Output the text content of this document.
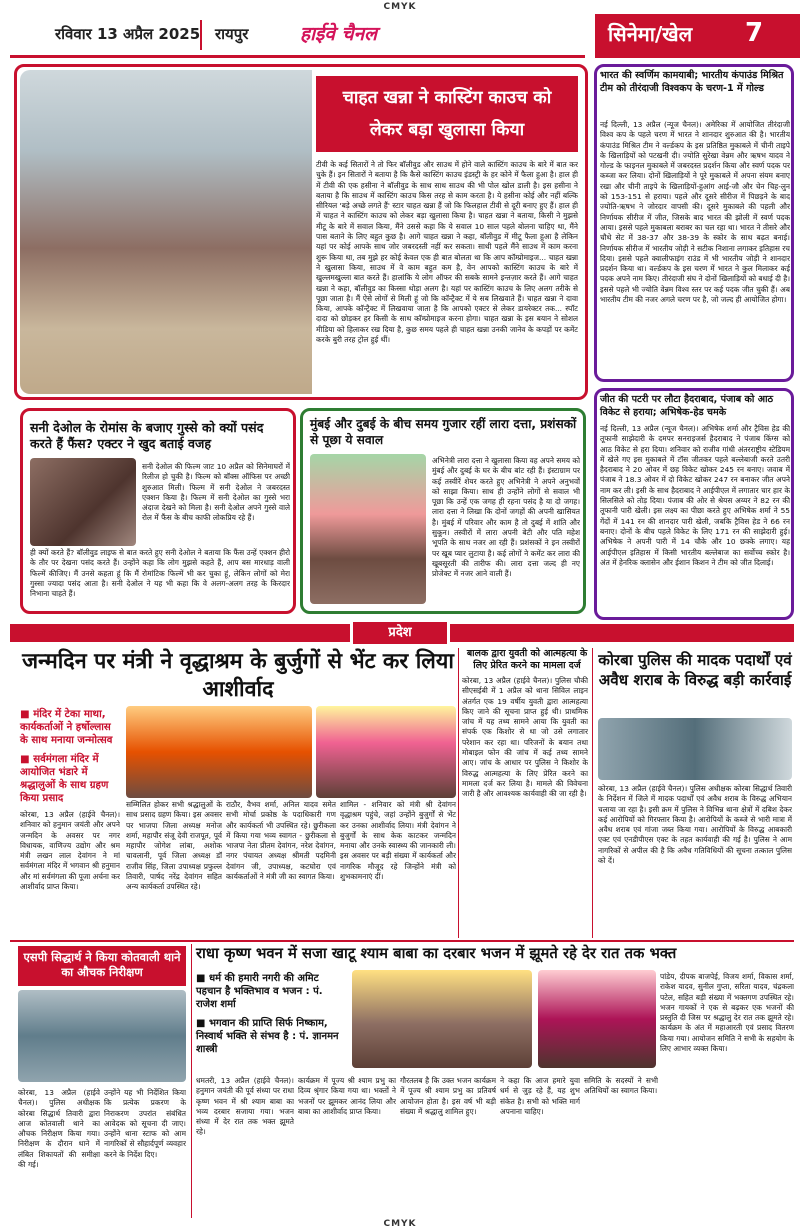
CMYK
रविवार 13 अप्रैल 2025 रायपुर	हाईवे चैनल	सिनेमा/खेल 7
चाहत खन्ना ने कास्टिंग काउच को लेकर बड़ा खुलासा किया
टीवी के कई सितारों ने तो फिर बॉलीवुड और साउथ में होने वाले कास्टिंग काउच के बारे में बात कर चुके हैं। इन सितारों ने बताया है कि कैसे कास्टिंग काउच इंडस्ट्री के हर कोने में फैला हुआ है। हाल ही में टीवी की एक हसीना ने बॉलीवुड के साथ साथ साउथ की भी पोल खोल डाली है। इस हसीना ने बताया है कि साउथ में कास्टिंग काउच किस तरह से काम करता है। ये हसीना कोई और नहीं बल्कि सीरियल 'बड़े अच्छे लगते हैं' स्टार चाहत खन्ना हैं जो कि फिलहाल टीवी से दूरी बनाए हुए हैं। हाल ही में चाहत ने कास्टिंग काउच को लेकर बड़ा खुलासा किया है। चाहत खन्ना ने बताया, किसी ने मुझसे मीटू के बारे में सवाल किया, मैंने उससे कहा कि ये सवाल 10 साल पहले बोलना चाहिए था, मैंने पास बताने के लिए बहुत कुछ है। आगे चाहत खन्ना ने कहा, बॉलीवुड में मीटू फैला हुआ है लेकिन यहां पर कोई आपके साथ जोर जबरदस्ती नहीं कर सकता। साथी पहले मैंने साउथ में काम करना शुरू किया था, तब मुझे हर कोई केवल एक ही बात बोलता था कि आप कॉम्प्रोमाइज... चाहत खन्ना ने खुलासा किया, साउथ में वे काम बहुत कम है, वेन आपको कास्टिंग काउच के बारे में खुल्लमखुल्ला बात करते हैं। हालांकि ये लोग ऑफर की सबके सामने इन्तज़ार करते हैं। आगे चाहत खन्ना ने कहा, बॉलीवुड का किस्सा थोड़ा अलग है। यहां पर कास्टिंग काउच के लिए अलग तरीके से पूछा जाता है। मैं ऐसे लोगों से मिली हूं जो कि कॉन्ट्रैक्ट में ये सब लिखवाते हैं। चाहत खन्ना ने दावा किया, आपके कॉन्ट्रैक्ट में लिखवाया जाता है कि आपको एक्टर से लेकर डायरेक्टर तक... स्पॉट दादा को छोड़कर हर किसी के साथ कॉम्प्रोमाइज करना होगा। चाहत खन्ना के इस बयान ने सोशल मीडिया को हिलाकर रख दिया है, कुछ समय पहले ही चाहत खन्ना उनकी जानेव के कपड़ों पर कमेंट करके बुरी तरह ट्रोल हुई थीं।
भारत की स्वर्णिम कामयाबी; भारतीय कंपाउंड मिश्रित टीम को तीरंदाजी विश्वकप के चरण-1 में गोल्ड
नई दिल्ली, 13 अप्रैल (न्यूज चैनल)। अमेरिका में आयोजित तीरंदाजी विश्व कप के पहले चरण में भारत ने शानदार शुरुआत की है। भारतीय कंपाउंड मिश्रित टीम ने वर्ल्डकप के इस प्रतिष्ठित मुकाबले में चीनी ताइपे के खिलाड़ियों को पटखनी दी। ज्योति सुरेखा वेन्नम और ऋषभ यादव ने गोल्ड के फाइनल मुकाबले में जबरदस्त प्रदर्शन किया और स्वर्ण पदक पर कब्जा कर लिया। दोनों खिलाड़ियों ने पूरे मुकाबले में अपना संयम बनाए रखा और चीनी ताइपे के खिलाड़ियों-हुआंग आई-जौ और चेन चिह-लुन को 153-151 से हराया। पहले और दूसरे सीरीज में पिछड़ने के बाद ज्योति-ऋषभ ने जोरदार वापसी की। दूसरे मुकाबले की पहली और निर्णायक सीरीज में जीत, जिसके बाद भारत की झोली में स्वर्ण पदक आया। इससे पहले मुकाबला बराबर का चल रहा था। भारत ने तीसरे और चौथे सेट में 38-37 और 38-39 के स्कोर के साथ बढ़त बनाई। निर्णायक सीरीज में भारतीय जोड़ी ने सटीक निशाना लगाकर इतिहास रच दिया। इससे पहले क्वालीफाइंग राउंड में भी भारतीय जोड़ी ने शानदार प्रदर्शन किया था। वर्ल्डकप के इस चरण में भारत ने कुल मिलाकर कई पदक अपने नाम किए। तीरंदाजी संघ ने दोनों खिलाड़ियों को बधाई दी है। इससे पहले भी ज्योति वेन्नम विश्व स्तर पर कई पदक जीत चुकी हैं। अब भारतीय टीम की नजर अगले चरण पर है, जो जल्द ही आयोजित होगा।
जीत की पटरी पर लौटा हैदराबाद, पंजाब को आठ विकेट से हराया; अभिषेक-हेड चमके
नई दिल्ली, 13 अप्रैल (न्यूज चैनल)। अभिषेक शर्मा और ट्रैविस हेड की तूफानी साझेदारी के दमपर सनराइजर्स हैदराबाद ने पंजाब किंग्स को आठ विकेट से हरा दिया। शनिवार को राजीव गांधी अंतरराष्ट्रीय स्टेडियम में खेले गए इस मुकाबले में टॉस जीतकर पहले बल्लेबाजी करते उतरी हैदराबाद ने 20 ओवर में छह विकेट खोकर 245 रन बनाए। जवाब में पंजाब ने 18.3 ओवर में दो विकेट खोकर 247 रन बनाकर जीत अपने नाम कर ली। इसी के साथ हैदराबाद ने आईपीएल में लगातार चार हार के सिलसिले को तोड़ दिया। पंजाब की ओर से श्रेयस अय्यर ने 82 रन की तूफानी पारी खेली। इस लक्ष्य का पीछा करते हुए अभिषेक शर्मा ने 55 गेंदों में 141 रन की शानदार पारी खेली, जबकि ट्रैविस हेड ने 66 रन बनाए। दोनों के बीच पहले विकेट के लिए 171 रन की साझेदारी हुई। अभिषेक ने अपनी पारी में 14 चौके और 10 छक्के लगाए। यह आईपीएल इतिहास में किसी भारतीय बल्लेबाज का सर्वोच्च स्कोर है। अंत में हेनरिक क्लासेन और ईशान किशन ने टीम को जीत दिलाई।
सनी देओल के रोमांस के बजाए गुस्से को क्यों पसंद करते हैं फैंस? एक्टर ने खुद बताई वजह
सनी देओल की फिल्म जाट 10 अप्रैल को सिनेमाघरों में रिलीज हो चुकी है। फिल्म को बॉक्स ऑफिस पर अच्छी शुरुआत मिली। फिल्म में सनी देओल ने जबरदस्त एक्शन किया है। फिल्म में सनी देओल का गुस्से भरा अंदाज देखने को मिला है। सनी देओल अपने गुस्से वाले रोल में फैंस के बीच काफी लोकप्रिय रहे हैं।
ही क्यों करते हैं? बॉलीवुड लाइफ से बात करते हुए सनी देओल ने बताया कि फैंस उन्हें एक्शन हीरो के तौर पर देखना पसंद करते हैं। उन्होंने कहा कि लोग मुझसे कहते हैं, आप बस मारधाड़ वाली फिल्में कीजिए। मैं उनसे कहता हूं कि मैं रोमांटिक फिल्में भी कर चुका हूं, लेकिन लोगों को मेरा गुस्सा ज्यादा पसंद आता है। सनी देओल ने यह भी कहा कि वे अलग-अलग तरह के किरदार निभाना चाहते हैं।
मुंबई और दुबई के बीच समय गुजार रहीं लारा दत्ता, प्रशंसकों से पूछा ये सवाल
अभिनेत्री लारा दत्ता ने खुलासा किया वह अपने समय को मुंबई और दुबई के घर के बीच बांट रही हैं। इंस्टाग्राम पर कई तस्वीरें शेयर करते हुए अभिनेत्री ने अपने अनुभवों को साझा किया। साथ ही उन्होंने लोगों से सवाल भी पूछा कि उन्हें एक जगह ही रहना पसंद है या दो जगह। लारा दत्ता ने लिखा कि दोनों जगहों की अपनी खासियत है। मुंबई में परिवार और काम है तो दुबई में शांति और सुकून। तस्वीरों में लारा अपनी बेटी और पति महेश भूपति के साथ नजर आ रही हैं। प्रशंसकों ने इन तस्वीरों पर खूब प्यार लुटाया है। कई लोगों ने कमेंट कर लारा की खूबसूरती की तारीफ की। लारा दत्ता जल्द ही नए प्रोजेक्ट में नजर आने वाली हैं।
प्रदेश
जन्मदिन पर मंत्री ने वृद्धाश्रम के बुर्जुगों से भेंट कर लिया आशीर्वाद
■ मंदिर में टेका माथा, कार्यकर्ताओं ने हर्षोल्लास के साथ मनाया जन्मोत्सव
■ सर्वमंगला मंदिर में आयोजित भंडारे में श्रद्धालुओं के साथ ग्रहण किया प्रसाद
कोरबा, 13 अप्रैल (हाईवे चैनल)। शनिवार को हनुमान जयंती और अपने जन्मदिन के अवसर पर नगर विधायक, वाणिज्य उद्योग और श्रम मंत्री लखन लाल देवांगन ने मां सर्वमंगला मंदिर में भगवान श्री हनुमान और मां सर्वमंगला की पूजा अर्चना कर आशीर्वाद प्राप्त किया।
सम्मिलित होकर सभी श्रद्धालुओं के साथ प्रसाद ग्रहण किया। इस अवसर पर भाजपा जिला अध्यक्ष मनोज शर्मा, महापौर संजू देवी राजपूत, पूर्व महापौर जोगेश लांबा, अशोक चावलानी, पूर्व जिला अध्यक्ष डॉ राजीव सिंह, जिला उपाध्यक्ष प्रफुल्ल तिवारी, पार्षद नरेंद्र देवांगन सहित अन्य कार्यकर्ता उपस्थित रहे।
राठौर, वैभव शर्मा, अनिल यादव समेत सभी मोर्चा प्रकोष्ठ के पदाधिकारी गण और कार्यकर्ता भी उपस्थित रहे। छुरीकला में किया गया भव्य स्वागत - छुरीकला से भाजपा नेता प्रीतम देवांगन, नरेश देवांगन, नगर पंचायत अध्यक्ष श्रीमती पदमिनी देवांगन जी, उपाध्यक्ष, कटघोरा एवं कार्यकर्ताओं ने मंत्री जी का स्वागत किया।
शामिल - शनिवार को मंत्री श्री देवांगन वृद्धाश्रम पहुंचे, जहां उन्होंने बुजुर्गों से भेंट कर उनका आशीर्वाद लिया। मंत्री देवांगन ने बुजुर्गों के साथ केक काटकर जन्मदिन मनाया और उनके स्वास्थ्य की जानकारी ली। इस अवसर पर बड़ी संख्या में कार्यकर्ता और नागरिक मौजूद रहे जिन्होंने मंत्री को शुभकामनाएं दीं।
बालक द्वारा युवती को आत्महत्या के लिए प्रेरित करने का मामला दर्ज
कोरबा, 13 अप्रैल (हाईवे चैनल)। पुलिस चौकी सीएसईबी में 1 अप्रैल को थाना सिविल लाइन अंतर्गत एक 19 वर्षीय युवती द्वारा आत्महत्या किए जाने की सूचना प्राप्त हुई थी। प्राथमिक जांच में यह तथ्य सामने आया कि युवती का संपर्क एक किशोर से था जो उसे लगातार परेशान कर रहा था। परिजनों के बयान तथा मोबाइल फोन की जांच में कई तथ्य सामने आए। जांच के आधार पर पुलिस ने किशोर के विरुद्ध आत्महत्या के लिए प्रेरित करने का मामला दर्ज कर लिया है। मामले की विवेचना जारी है और आवश्यक कार्यवाही की जा रही है।
कोरबा पुलिस की मादक पदार्थों एवं अवैध शराब के विरुद्ध बड़ी कार्रवाई
कोरबा, 13 अप्रैल (हाईवे चैनल)। पुलिस अधीक्षक कोरबा सिद्धार्थ तिवारी के निर्देशन में जिले में मादक पदार्थों एवं अवैध शराब के विरुद्ध अभियान चलाया जा रहा है। इसी क्रम में पुलिस ने विभिन्न थाना क्षेत्रों में दबिश देकर कई आरोपियों को गिरफ्तार किया है। आरोपियों के कब्जे से भारी मात्रा में अवैध शराब एवं गांजा जब्त किया गया। आरोपियों के विरुद्ध आबकारी एक्ट एवं एनडीपीएस एक्ट के तहत कार्यवाही की गई है। पुलिस ने आम नागरिकों से अपील की है कि अवैध गतिविधियों की सूचना तत्काल पुलिस को दें।
एसपी सिद्धार्थ ने किया कोतवाली थाने का औचक निरीक्षण
कोरबा, 13 अप्रैल (हाईवे चैनल)। पुलिस अधीक्षक कोरबा सिद्धार्थ तिवारी द्वारा आज कोतवाली थाने का औचक निरीक्षण किया गया। निरीक्षण के दौरान थाने में लंबित शिकायतों की समीक्षा की गई।
उन्होंने यह भी निर्देशित किया कि प्रत्येक प्रकरण के निराकरण उपरांत संबंधित आवेदक को सूचना दी जाए। उन्होंने थाना स्टाफ को आम नागरिकों से सौहार्दपूर्ण व्यवहार करने के निर्देश दिए।
राधा कृष्ण भवन में सजा खाटू श्याम बाबा का दरबार भजन में झूमते रहे देर रात तक भक्त
■ धर्म की हमारी नगरी की अमिट पहचान है भक्तिभाव व भजन : पं. राजेश शर्मा
■ भगवान की प्राप्ति सिर्फ निष्काम, निस्वार्थ भक्ति से संभव है : पं. ज्ञानमन शास्त्री
पांडेय, दीपक बाजपेई, विजय शर्मा, विकास शर्मा, राकेश यादव, सुनील गुप्ता, सरिता यादव, चंद्रकला पटेल, सहित बड़ी संख्या में भक्तगण उपस्थित रहे। भजन गायकों ने एक से बढ़कर एक भजनों की प्रस्तुति दी जिस पर श्रद्धालु देर रात तक झूमते रहे। कार्यक्रम के अंत में महाआरती एवं प्रसाद वितरण किया गया। आयोजन समिति ने सभी के सहयोग के लिए आभार व्यक्त किया।
धमतरी, 13 अप्रैल (हाईवे चैनल)। हनुमान जयंती की पूर्व संध्या पर राधा कृष्ण भवन में श्री श्याम बाबा का भव्य दरबार सजाया गया। भजन संध्या में देर रात तक भक्त झूमते रहे।
कार्यक्रम में पूज्य श्री श्याम प्रभु का दिव्य श्रृंगार किया गया था। भक्तों ने भजनों पर झूमकर आनंद लिया और बाबा का आशीर्वाद प्राप्त किया।
गौरतलब है कि उक्त भजन कार्यक्रम में पूज्य श्री श्याम प्रभु का प्रतिवर्ष आयोजन होता है। इस वर्ष भी बड़ी संख्या में श्रद्धालु शामिल हुए।
ने कहा कि आज हमारे युवा धर्म से जुड़ रहे हैं, यह शुभ संकेत है। सभी को भक्ति मार्ग अपनाना चाहिए।
समिति के सदस्यों ने सभी अतिथियों का स्वागत किया।
CMYK
